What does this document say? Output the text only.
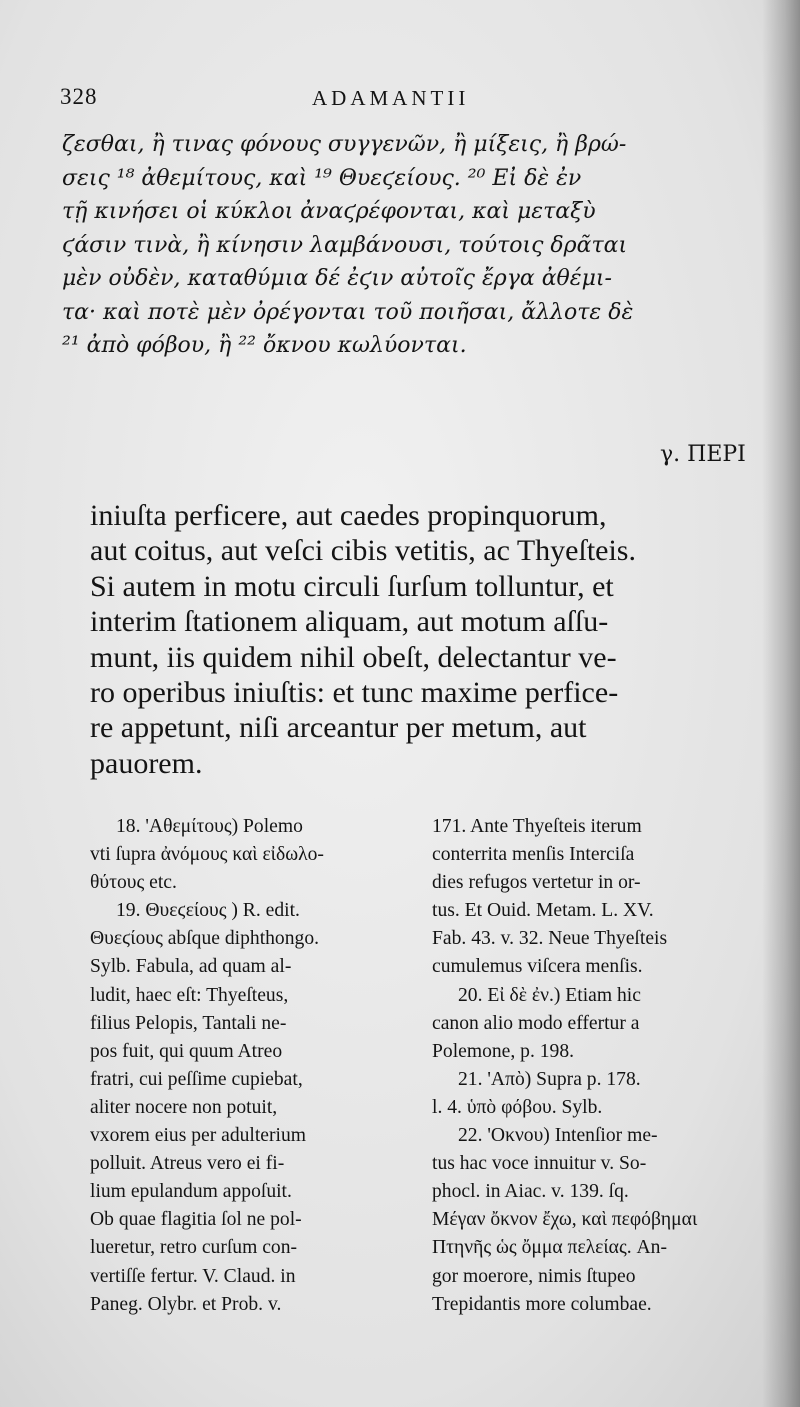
328	ADAMANTII

ζεσθαι, ἢ τινας φόνους συγγενῶν, ἢ μίξεις, ἢ βρώ-

σεις ¹⁸ ἀθεμίτους, καὶ ¹⁹ Θυεϛείους. ²⁰ Εἰ δὲ ἐν

τῇ κινήσει οἱ κύκλοι ἀναϛρέφονται, καὶ μεταξὺ

ϛάσιν τινὰ, ἢ κίνησιν λαμβάνουσι, τούτοις δρᾶται

μὲν οὐδὲν, καταθύμια δέ ἐϛιν αὐτοῖς ἔργα ἀθέμι-

τα· καὶ ποτὲ μὲν ὀρέγονται τοῦ ποιῆσαι, ἄλλοτε δὲ

²¹ ἀπὸ φόβου, ἢ ²² ὄκνου κωλύονται.

γ. ΠΕΡΙ

iniuſta perficere, aut caedes propinquorum,

aut coitus, aut veſci cibis vetitis, ac Thyeſteis.

Si autem in motu circuli ſurſum tolluntur, et

interim ſtationem aliquam, aut motum aſſu-

munt, iis quidem nihil obeſt, delectantur ve-

ro operibus iniuſtis: et tunc maxime perfice-

re appetunt, niſi arceantur per metum, aut

pauorem.

18. 'Αθεμίτους) Polemo

vti ſupra ἀνόμους καὶ εἰδωλο-

θύτους etc.

19. Θυεϛείους ) R. edit.

Θυεϛίους abſque diphthongo.

Sylb. Fabula, ad quam al-

ludit, haec eſt: Thyeſteus,

filius Pelopis, Tantali ne-

pos fuit, qui quum Atreo

fratri, cui peſſime cupiebat,

aliter nocere non potuit,

vxorem eius per adulterium

polluit. Atreus vero ei fi-

lium epulandum appoſuit.

Ob quae flagitia ſol ne pol-

lueretur, retro curſum con-

vertiſſe fertur. V. Claud. in

Paneg. Olybr. et Prob. v.

171. Ante Thyeſteis iterum

conterrita menſis Interciſa

dies refugos vertetur in or-

tus. Et Ouid. Metam. L. XV.

Fab. 43. v. 32. Neue Thyeſteis

cumulemus viſcera menſis.

20. Εἰ δὲ ἐν.) Etiam hic

canon alio modo effertur a

Polemone, p. 198.

21. 'Απὸ) Supra p. 178.

l. 4. ὑπὸ φόβου. Sylb.

22. 'Οκνου) Intenſior me-

tus hac voce innuitur v. So-

phocl. in Aiac. v. 139. ſq.

Μέγαν ὄκνον ἔχω, καὶ πεφόβημαι

Πτηνῆς ὡς ὄμμα πελείας. An-

gor moerore, nimis ſtupeo

Trepidantis more columbae.
